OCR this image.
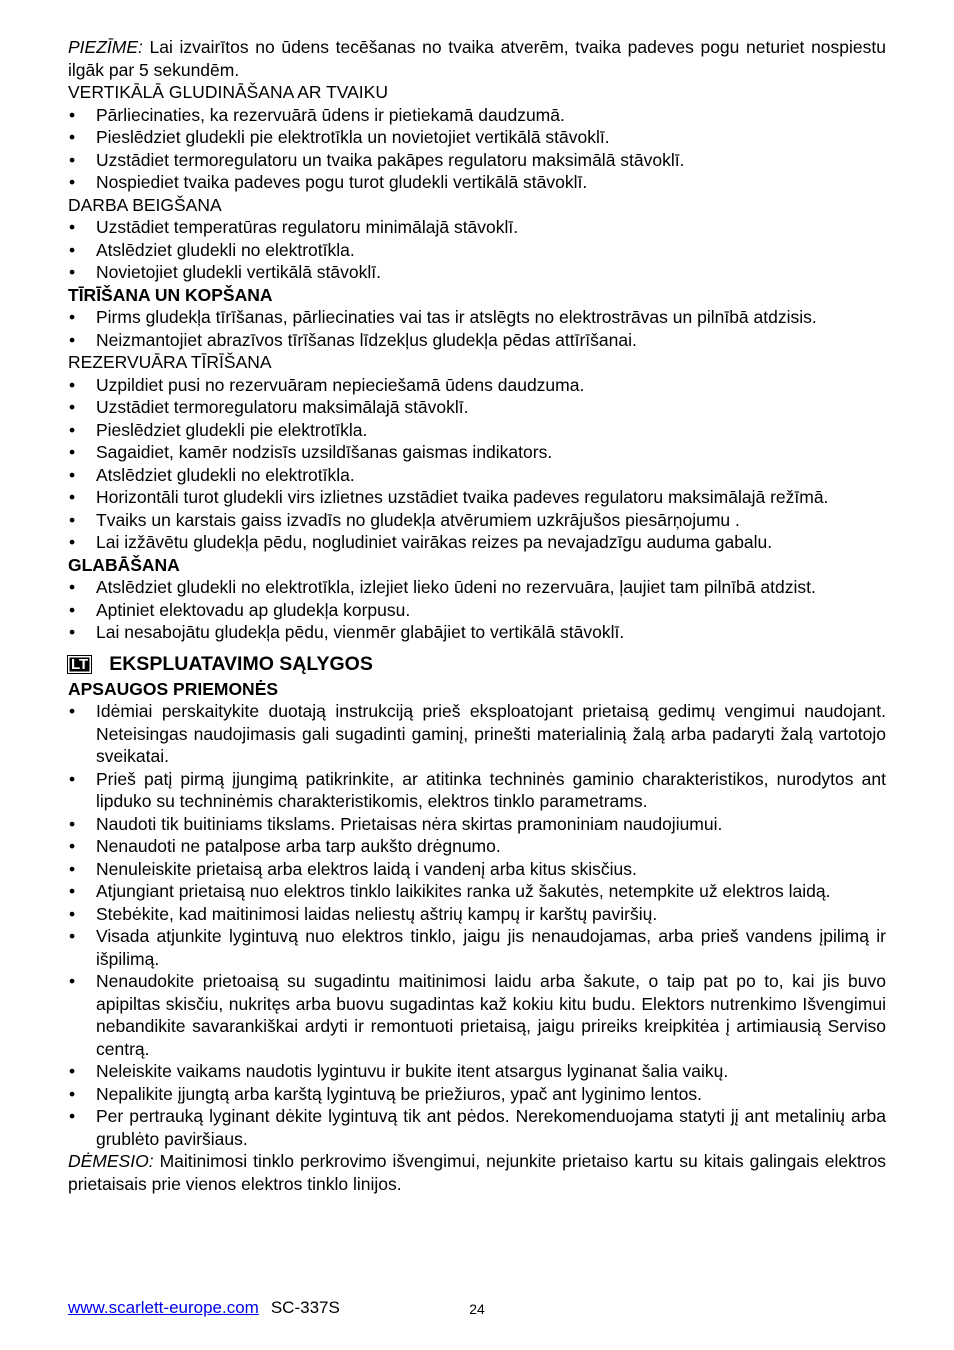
PIEZĪME: Lai izvairītos no ūdens tecēšanas no tvaika atverēm, tvaika padeves pogu neturiet nospiestu ilgāk par 5 sekundēm.

VERTIKĀLĀ GLUDINĀŠANA AR TVAIKU

• Pārliecinaties, ka rezervuārā ūdens ir pietiekamā daudzumā.
• Pieslēdziet gludekli pie elektrotīkla un novietojiet vertikālā stāvoklī.
• Uzstādiet termoregulatoru un tvaika pakāpes regulatoru maksimālā stāvoklī.
• Nospiediet tvaika padeves pogu turot gludekli vertikālā stāvoklī.

DARBA BEIGŠANA

• Uzstādiet temperatūras regulatoru minimālajā stāvoklī.
• Atslēdziet gludekli no elektrotīkla.
• Novietojiet gludekli vertikālā stāvoklī.

TĪRĪŠANA UN KOPŠANA

• Pirms gludekļa tīrīšanas, pārliecinaties vai tas ir atslēgts no elektrostrāvas un pilnībā atdzisis.
• Neizmantojiet abrazīvos tīrīšanas līdzekļus gludekļa pēdas attīrīšanai.

REZERVUĀRA TĪRĪŠANA

• Uzpildiet pusi no rezervuāram nepieciešamā ūdens daudzuma.
• Uzstādiet termoregulatoru maksimālajā stāvoklī.
• Pieslēdziet gludekli pie elektrotīkla.
• Sagaidiet, kamēr nodzisīs uzsildīšanas gaismas indikators.
• Atslēdziet gludekli no elektrotīkla.
• Horizontāli turot gludekli virs izlietnes uzstādiet tvaika padeves regulatoru maksimālajā režīmā.
• Tvaiks un karstais gaiss izvadīs no gludekļa atvērumiem uzkrājušos piesārņojumu .
• Lai izžāvētu gludekļa pēdu, nogludiniet vairākas reizes pa nevajadzīgu auduma gabalu.

GLABĀŠANA

• Atslēdziet gludekli no elektrotīkla, izlejiet lieko ūdeni no rezervuāra, ļaujiet tam pilnībā atdzist.
• Aptiniet elektovadu ap gludekļa korpusu.
• Lai nesabojātu gludekļa pēdu, vienmēr glabājiet to vertikālā stāvoklī.
LT EKSPLUATAVIMO SĄLYGOS

APSAUGOS PRIEMONĖS

• Idėmiai perskaitykite duotają instrukciją prieš eksploatojant prietaisą gedimų vengimui naudojant. Neteisingas naudojimasis gali sugadinti gaminį, prinešti materialinią žalą arba padaryti žalą vartotojo sveikatai.
• Prieš patį pirmą įjungimą patikrinkite, ar atitinka techninės gaminio charakteristikos, nurodytos ant lipduko su techninėmis charakteristikomis, elektros tinklo parametrams.
• Naudoti tik buitiniams tikslams. Prietaisas nėra skirtas pramoniniam naudojiumui.
• Nenaudoti ne patalpose arba tarp aukšto drėgnumo.
• Nenuleiskite prietaisą arba elektros laidą i vandenį arba kitus skisčius.
• Atjungiant prietaisą nuo elektros tinklo laikikites ranka už šakutės, netempkite už elektros laidą.
• Stebėkite, kad maitinimosi laidas neliestų aštrių kampų ir karštų paviršių.
• Visada atjunkite lygintuvą nuo elektros tinklo, jaigu jis nenaudojamas, arba prieš vandens įpilimą ir išpilimą.
• Nenaudokite prietoaisą su sugadintu maitinimosi laidu arba šakute, o taip pat po to, kai jis buvo apipiltas skisčiu, nukritęs arba buovu sugadintas kaž kokiu kitu budu. Elektors nutrenkimo Išvengimui nebandikite savarankiškai ardyti ir remontuoti prietaisą, jaigu prireiks kreipkitėa į artimiausią Serviso centrą.
• Neleiskite vaikams naudotis lygintuvu ir bukite itent atsargus lyginanat šalia vaikų.
• Nepalikite įjungtą arba karštą lygintuvą be priežiuros, ypač ant lyginimo lentos.
• Per pertrauką lyginant dėkite lygintuvą tik ant pėdos. Nerekomenduojama statyti jį ant metalinių arba grublėto paviršiaus.

DĖMESIO: Maitinimosi tinklo perkrovimo išvengimui, nejunkite prietaiso kartu su kitais galingais elektros prietaisais prie vienos elektros tinklo linijos.

www.scarlett-europe.com SC-337S	24
